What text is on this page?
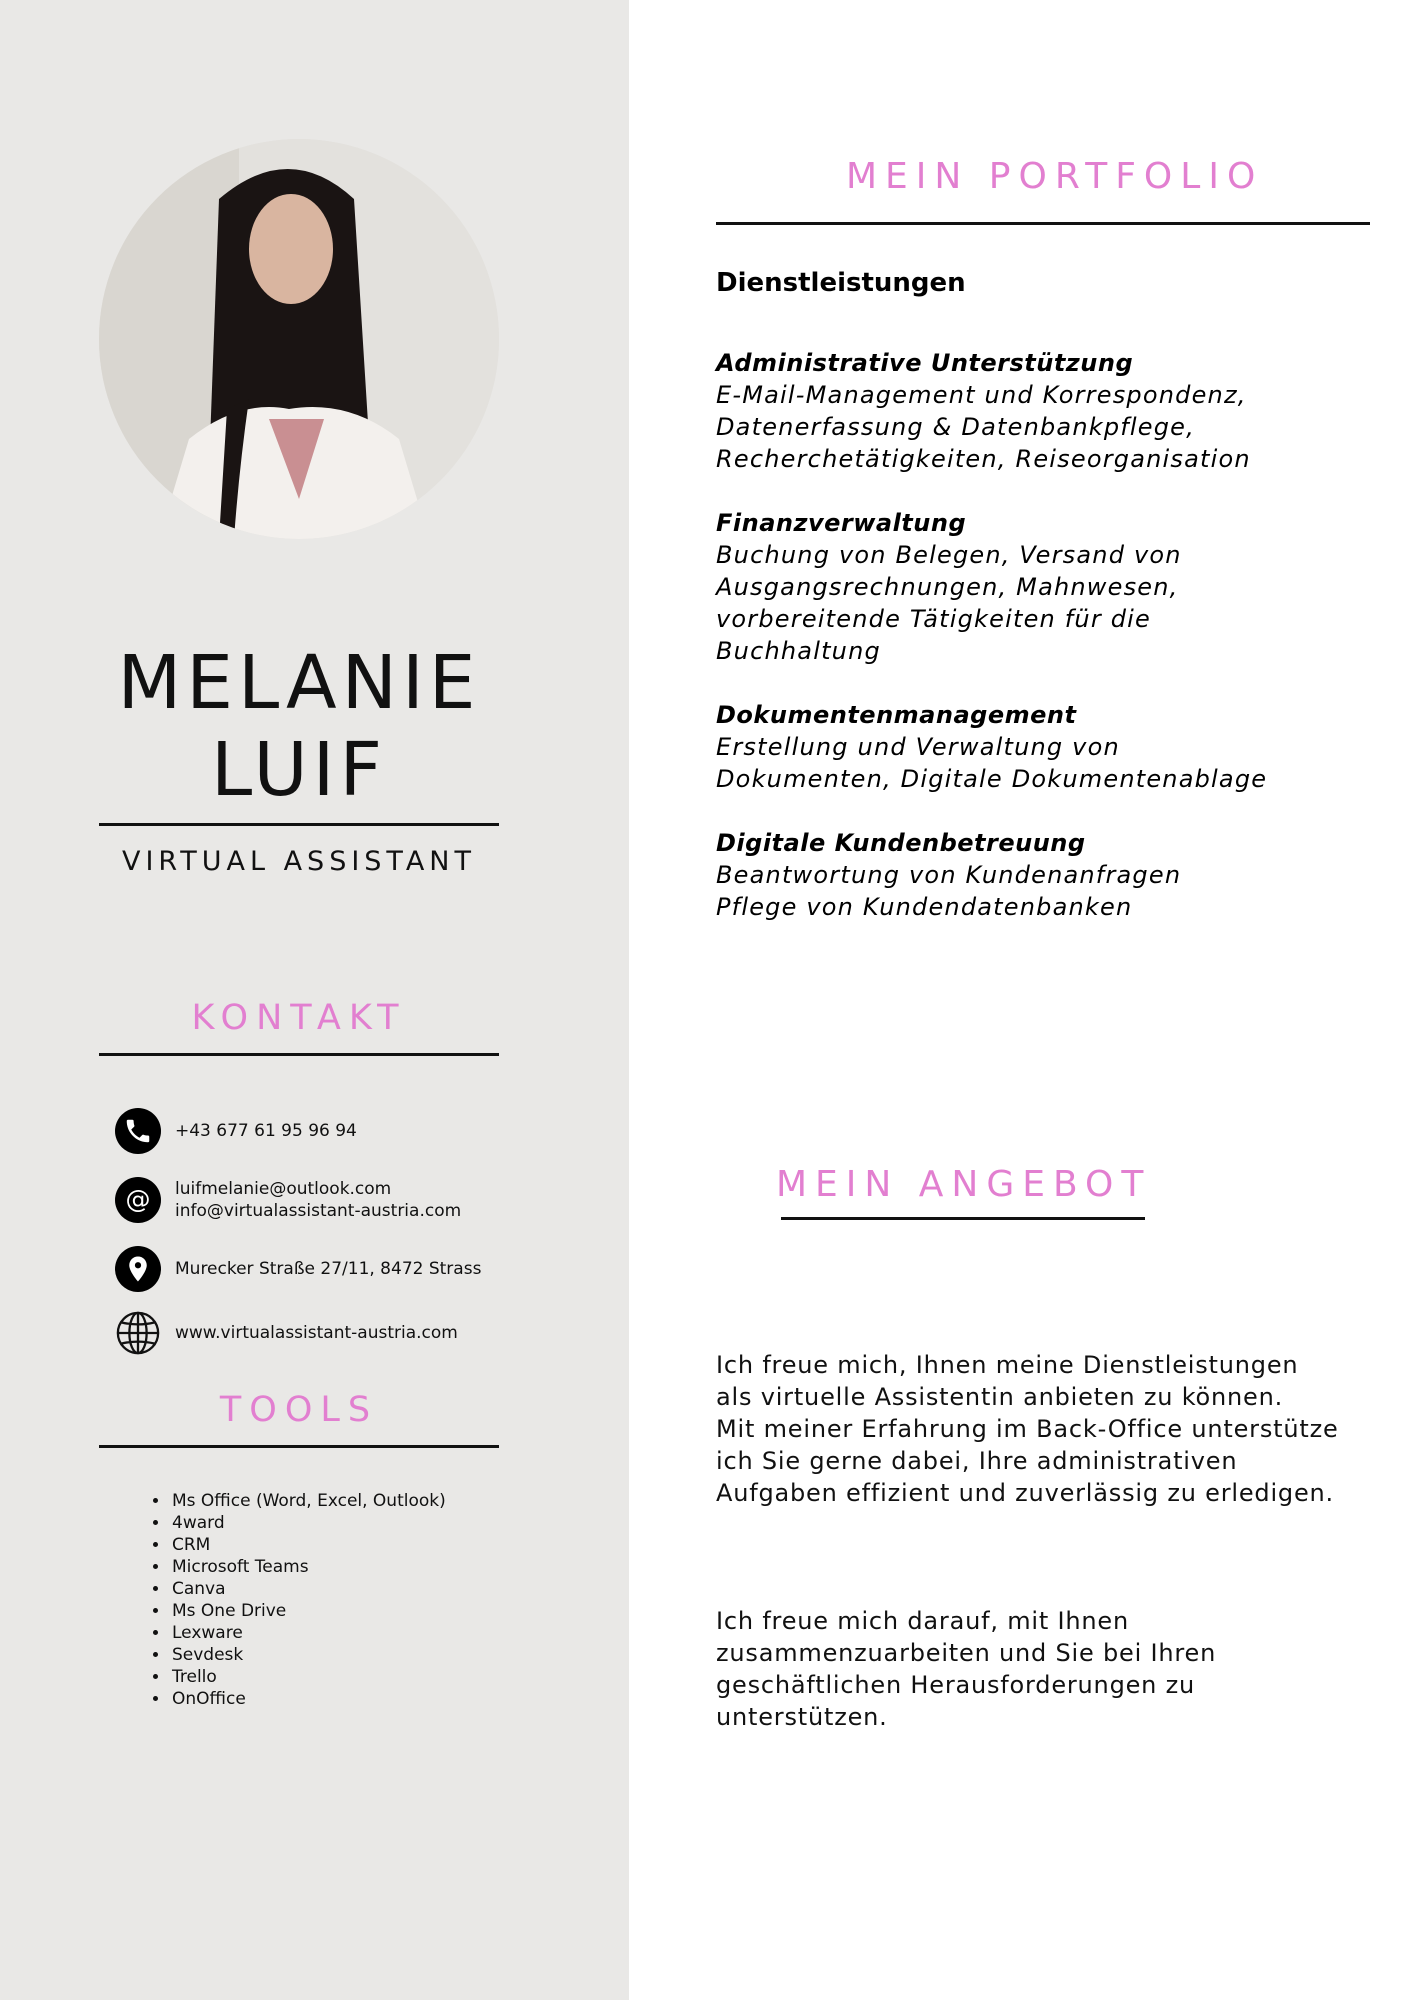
MELANIE
LUIF
VIRTUAL ASSISTANT
KONTAKT
+43 677 61 95 96 94
@ luifmelanie@outlook.com
info@virtualassistant-austria.com
Murecker Straße 27/11, 8472 Strass
www.virtualassistant-austria.com
TOOLS
• Ms Office (Word, Excel, Outlook)
• 4ward
• CRM
• Microsoft Teams
• Canva
• Ms One Drive
• Lexware
• Sevdesk
• Trello
• OnOffice
MEIN PORTFOLIO
Dienstleistungen
Administrative Unterstützung
E-Mail-Management und Korrespondenz,
Datenerfassung & Datenbankpflege,
Recherchetätigkeiten, Reiseorganisation
Finanzverwaltung
Buchung von Belegen, Versand von
Ausgangsrechnungen, Mahnwesen,
vorbereitende Tätigkeiten für die
Buchhaltung
Dokumentenmanagement
Erstellung und Verwaltung von
Dokumenten, Digitale Dokumentenablage
Digitale Kundenbetreuung
Beantwortung von Kundenanfragen
Pflege von Kundendatenbanken
MEIN ANGEBOT

Ich freue mich, Ihnen meine Dienstleistungen
als virtuelle Assistentin anbieten zu können.
Mit meiner Erfahrung im Back-Office unterstütze
ich Sie gerne dabei, Ihre administrativen
Aufgaben effizient und zuverlässig zu erledigen.

Ich freue mich darauf, mit Ihnen
zusammenzuarbeiten und Sie bei Ihren
geschäftlichen Herausforderungen zu
unterstützen.
